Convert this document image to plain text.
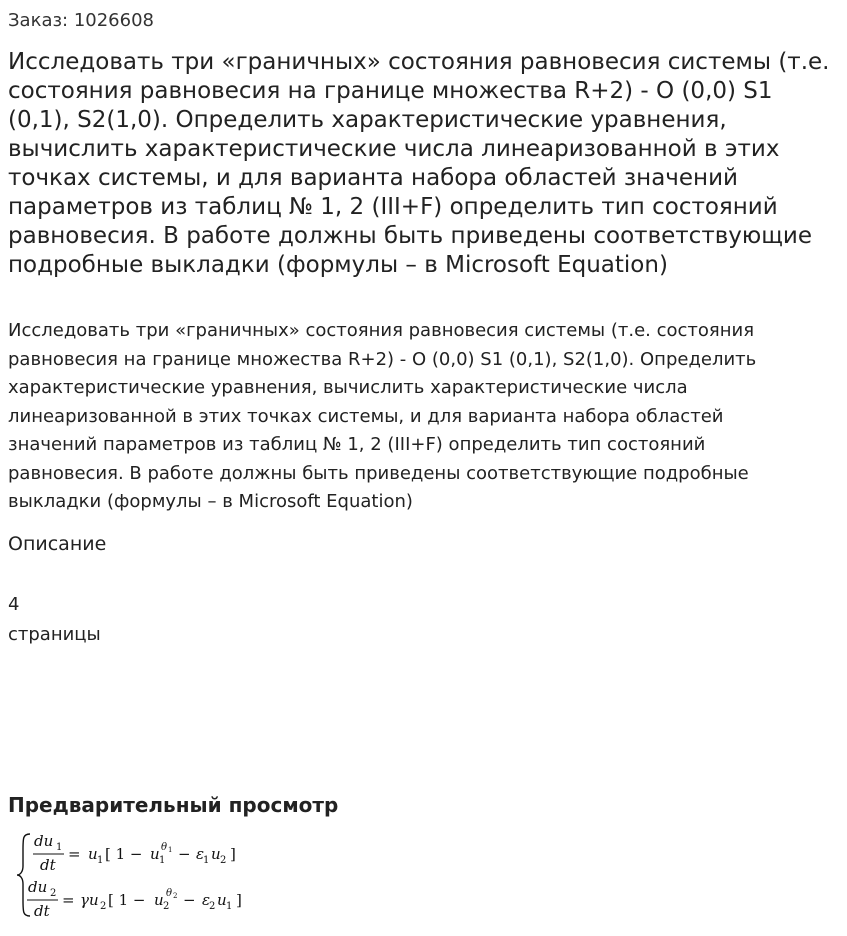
Заказ: 1026608
Исследовать три «граничных» состояния равновесия системы (т.е. состояния равновесия на границе множества R+2) - O (0,0) S1 (0,1), S2(1,0). Определить характеристические уравнения, вычислить характеристические числа линеаризованной в этих точках системы, и для варианта набора областей значений параметров из таблиц № 1, 2 (III+F) определить тип состояний равновесия. В работе должны быть приведены соответствующие подробные выкладки (формулы – в Microsoft Equation)

Исследовать три «граничных» состояния равновесия системы (т.е. состояния равновесия на границе множества R+2) - O (0,0) S1 (0,1), S2(1,0). Определить характеристические уравнения, вычислить характеристические числа линеаризованной в этих точках системы, и для варианта набора областей значений параметров из таблиц № 1, 2 (III+F) определить тип состояний равновесия. В работе должны быть приведены соответствующие подробные выкладки (формулы – в Microsoft Equation)

Описание
4
страницы
Предварительный просмотр
du 1
dt
= u 1 [ 1 − u 1
θ 1 − ε
1 u 2 ]
du 2
dt
= γu 2 [ 1 − u 2
θ 2 − ε
2 u 1 ]
